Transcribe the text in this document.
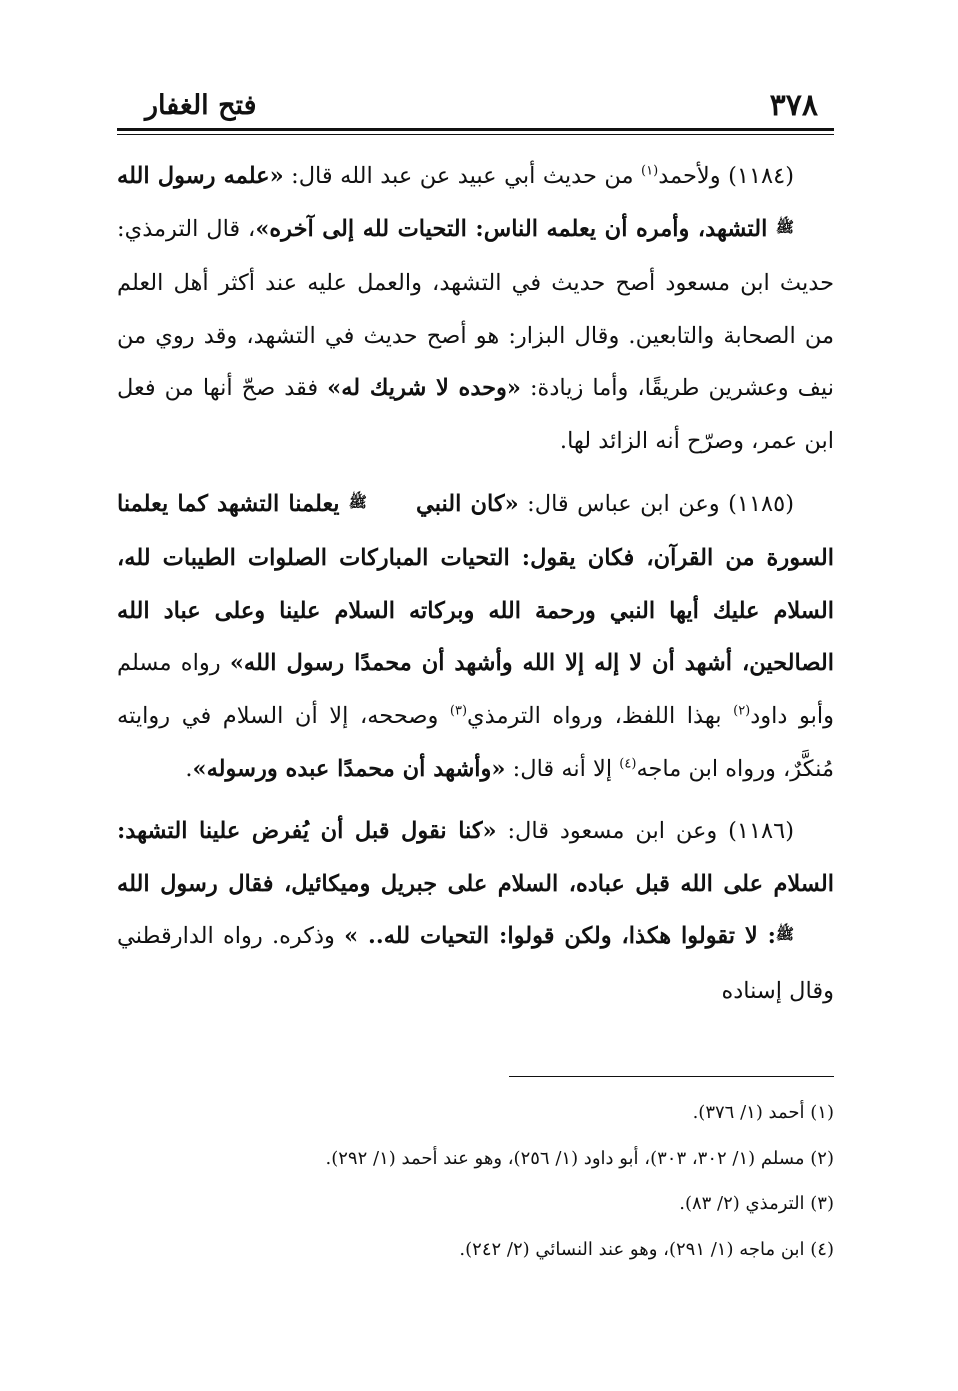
٣٧٨
فتح الغفار

(١١٨٤) ولأحمد$^{(١)}$ من حديث أبي عبيد عن عبد الله قال: «علمه رسول الله ﷺ التشهد، وأمره أن يعلمه الناس: التحيات لله إلى آخره»، قال الترمذي: حديث ابن مسعود أصح حديث في التشهد، والعمل عليه عند أكثر أهل العلم من الصحابة والتابعين. وقال البزار: هو أصح حديث في التشهد، وقد روي من نيف وعشرين طريقًا، وأما زيادة: «وحده لا شريك له» فقد صحّ أنها من فعل ابن عمر، وصرّح أنه الزائد لها.

(١١٨٥) وعن ابن عباس قال: «كان النبي ﷺ يعلمنا التشهد كما يعلمنا السورة من القرآن، فكان يقول: التحيات المباركات الصلوات الطيبات لله، السلام عليك أيها النبي ورحمة الله وبركاته السلام علينا وعلى عباد الله الصالحين، أشهد أن لا إله إلا الله وأشهد أن محمدًا رسول الله» رواه مسلم وأبو داود$^{(٢)}$ بهذا اللفظ، ورواه الترمذي$^{(٣)}$ وصححه، إلا أن السلام في روايته مُنكَّرٌ، ورواه ابن ماجه$^{(٤)}$ إلا أنه قال: «وأشهد أن محمدًا عبده ورسوله».

(١١٨٦) وعن ابن مسعود قال: «كنا نقول قبل أن يُفرض علينا التشهد: السلام على الله قبل عباده، السلام على جبريل وميكائيل، فقال رسول الله ﷺ: لا تقولوا هكذا، ولكن قولوا: التحيات لله.. » وذكره. رواه الدارقطني وقال إسناده

(١) أحمد (١/ ٣٧٦).

(٢) مسلم (١/ ٣٠٢، ٣٠٣)، أبو داود (١/ ٢٥٦)، وهو عند أحمد (١/ ٢٩٢).

(٣) الترمذي (٢/ ٨٣).

(٤) ابن ماجه (١/ ٢٩١)، وهو عند النسائي (٢/ ٢٤٢).
